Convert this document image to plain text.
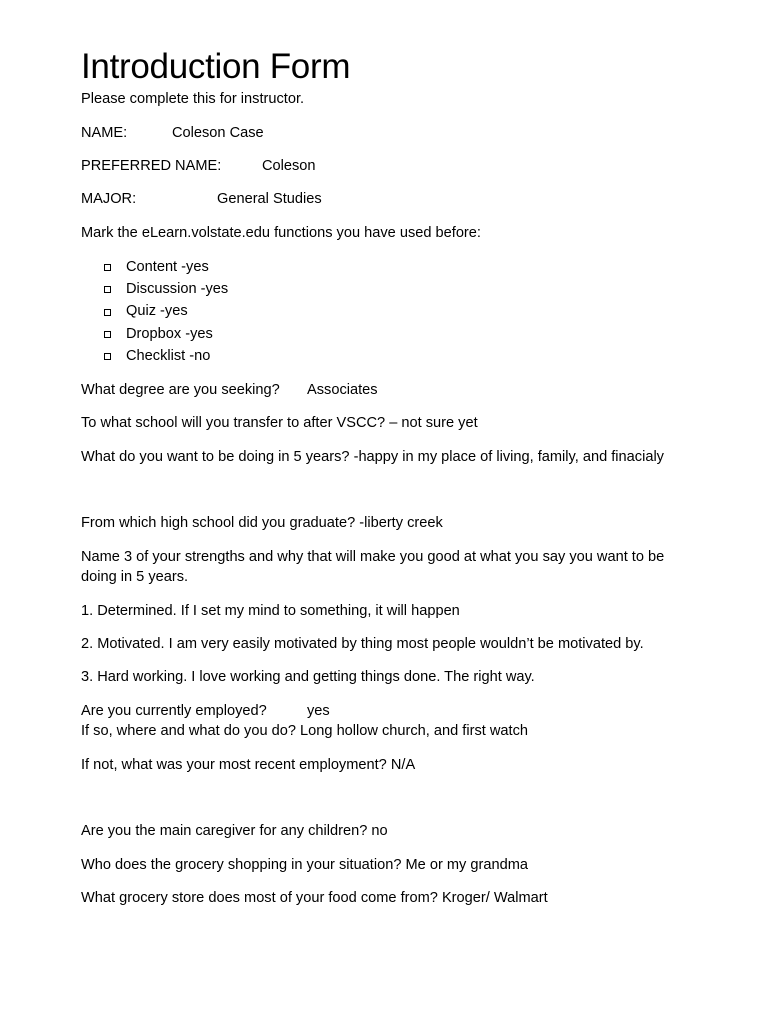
Introduction Form
Please complete this for instructor.
NAME:	Coleson Case
PREFERRED NAME:	Coleson
MAJOR:	General Studies
Mark the eLearn.volstate.edu functions you have used before:
Content -yes
Discussion -yes
Quiz -yes
Dropbox -yes
Checklist -no
What degree are you seeking? Associates
To what school will you transfer to after VSCC? – not sure yet
What do you want to be doing in 5 years? -happy in my place of living, family, and finacialy
From which high school did you graduate? -liberty creek
Name 3 of your strengths and why that will make you good at what you say you want to be doing in 5 years.
1. Determined. If I set my mind to something, it will happen
2. Motivated. I am very easily motivated by thing most people wouldn’t be motivated by.
3. Hard working. I love working and getting things done. The right way.
Are you currently employed?	yes
If so, where and what do you do? Long hollow church, and first watch
If not, what was your most recent employment? N/A
Are you the main caregiver for any children? no
Who does the grocery shopping in your situation? Me or my grandma
What grocery store does most of your food come from? Kroger/ Walmart
